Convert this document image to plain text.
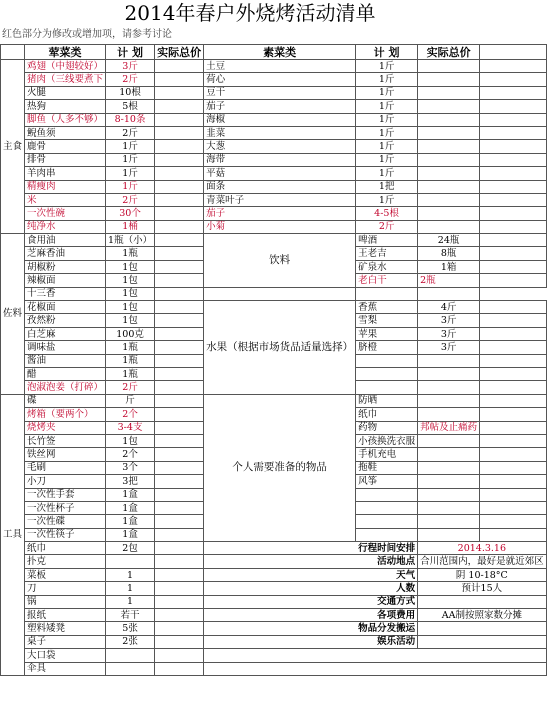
2014年春户外烧烤活动清单
红色部分为修改或增加项，请参考讨论
	荤菜类	计 划	实际总价	素菜类	计 划	实际总价	
主食	鸡翅（中翅较好）	3斤		土豆	1斤		
	猪肉（三线要煮下	2斤		荷心	1斤		
	火腿	10根		豆干	1斤		
	热狗	5根		茄子	1斤		
	脚鱼（人多不够）	8-10条		海椒	1斤		
	鲵鱼须	2斤		韭菜	1斤		
	鹿骨	1斤		大葱	1斤		
	排骨	1斤		海带	1斤		
	羊肉串	1斤		平菇	1斤		
	精瘦肉	1斤		面条	1把		
	米	2斤		青菜叶子	1斤		
	一次性碗	30个		茄子	4-5根		
	纯净水	1桶		小菊	2斤		
佐料	食用油	1瓶（小）		饮料	啤酒	24瓶	
	芝麻香油	1瓶			王老吉	8瓶	
	胡椒粉	1包			矿泉水	1箱	
	辣椒面	1包			老白干	2瓶	
	十三香	1包					
	花椒面	1包		水果（根据市场货品适量选择）	香蕉	4斤	
	孜然粉	1包			雪梨	3斤	
	白芝麻	100克			苹果	3斤	
	调味盐	1瓶			脐橙	3斤	
	酱油	1瓶					
	醋	1瓶					
	泡淑泡姜（打碎）	2斤					
工具	碟	斤		个人需要准备的物品	防晒		
	烤箱（要两个）	2个			纸巾		
	烧烤夹	3-4支			药物	邦帖及止痛药	
	长竹签	1包			小孩换洗衣服		
	铁丝网	2个			手机充电		
	毛刷	3个			拖鞋		
	小刀	3把			风筝		
	一次性手套	1盒					
	一次性杯子	1盒					
	一次性碟	1盒					
	一次性筷子	1盒					
	纸巾	2包		行程时间安排		2014.3.16	
	扑克			活动地点		合川范围内，最好是就近郊区	
	菜板	1		天气		阴 10-18°C	
	刀	1		人数		预计15人	
	锅	1		交通方式			
	报纸	若干		各项费用		AA制按照家数分摊	
	塑料矮凳	5张		物品分发搬运			
	桌子	2张		娱乐活动			
	大口袋						
	伞具						
